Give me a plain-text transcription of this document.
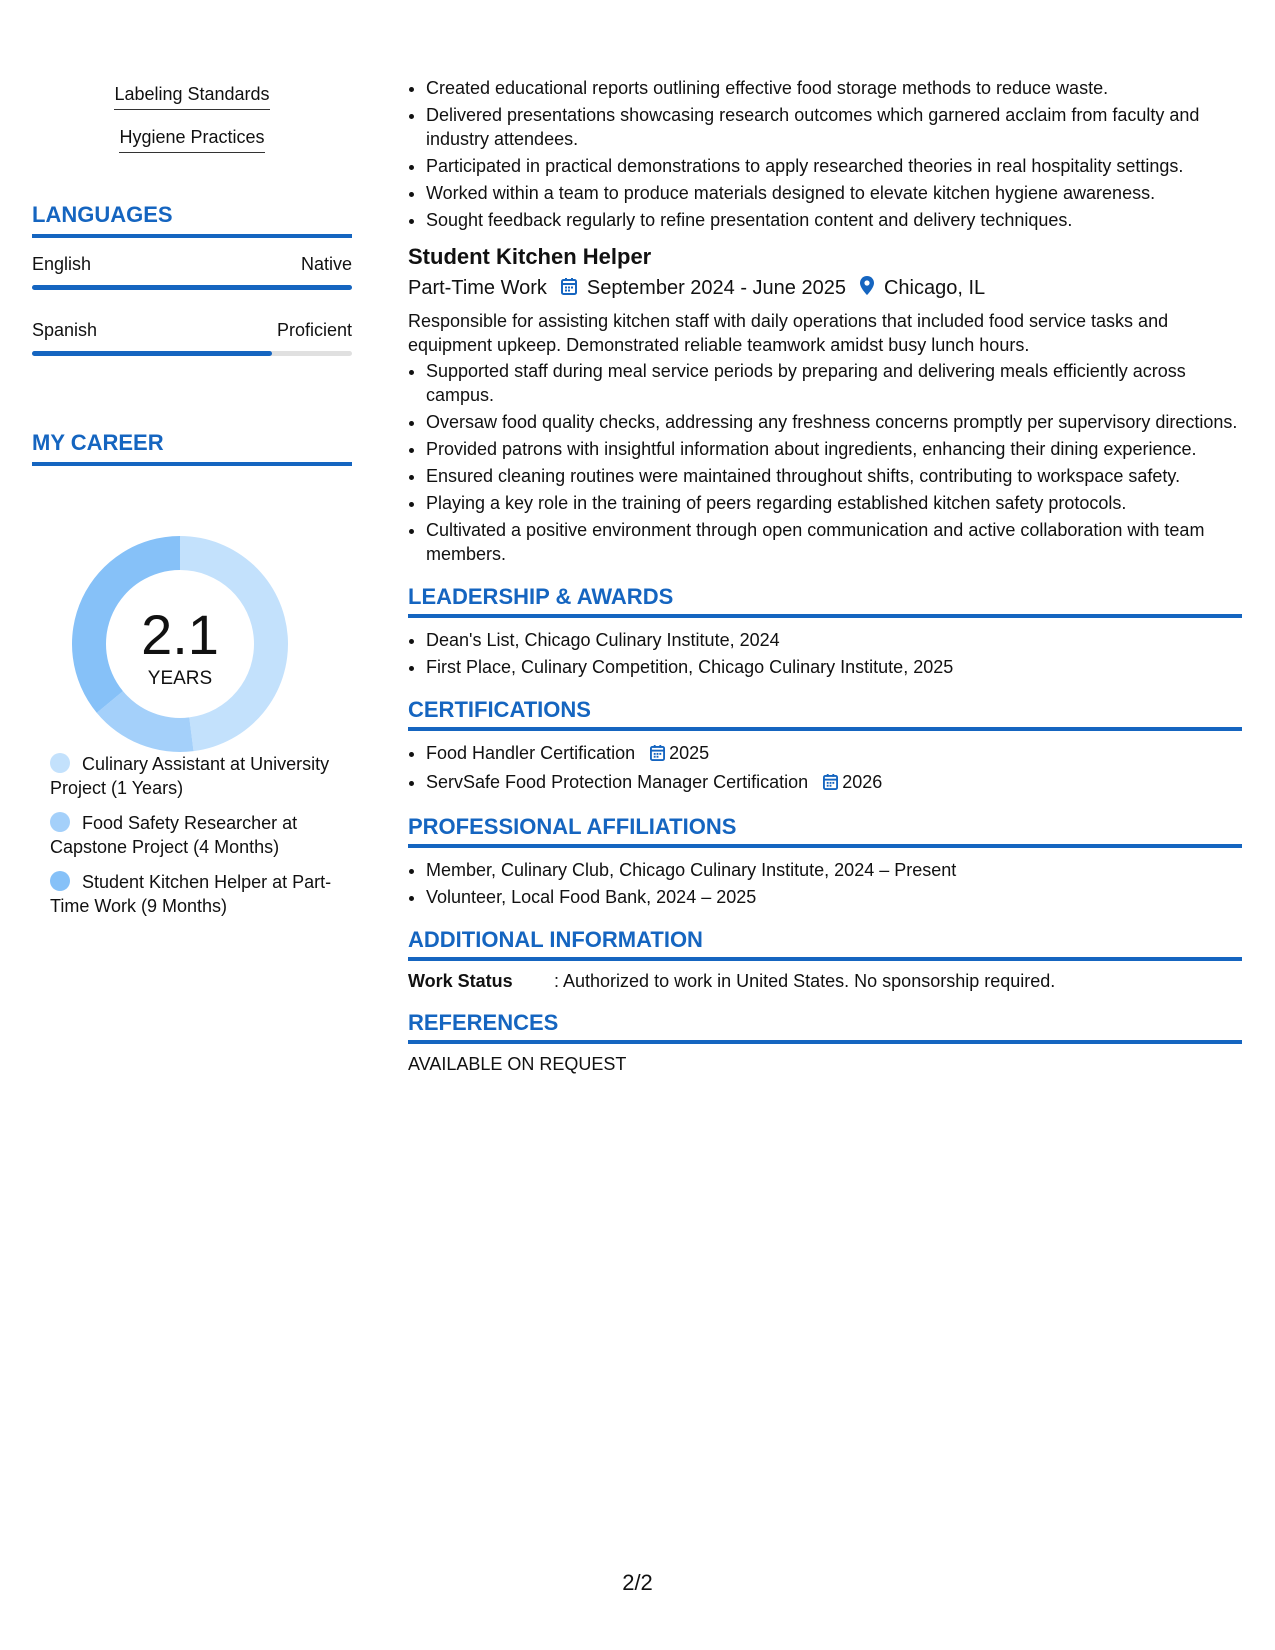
Labeling Standards
Hygiene Practices
LANGUAGES
English	Native
Spanish	Proficient
MY CAREER
2.1
YEARS
Culinary Assistant at University Project (1 Years)
Food Safety Researcher at Capstone Project (4 Months)
Student Kitchen Helper at Part-Time Work (9 Months)
• Created educational reports outlining effective food storage methods to reduce waste.
• Delivered presentations showcasing research outcomes which garnered acclaim from faculty and industry attendees.
• Participated in practical demonstrations to apply researched theories in real hospitality settings.
• Worked within a team to produce materials designed to elevate kitchen hygiene awareness.
• Sought feedback regularly to refine presentation content and delivery techniques.
Student Kitchen Helper
Part-Time Work September 2024 - June 2025 Chicago, IL
Responsible for assisting kitchen staff with daily operations that included food service tasks and equipment upkeep. Demonstrated reliable teamwork amidst busy lunch hours.
• Supported staff during meal service periods by preparing and delivering meals efficiently across campus.
• Oversaw food quality checks, addressing any freshness concerns promptly per supervisory directions.
• Provided patrons with insightful information about ingredients, enhancing their dining experience.
• Ensured cleaning routines were maintained throughout shifts, contributing to workspace safety.
• Playing a key role in the training of peers regarding established kitchen safety protocols.
• Cultivated a positive environment through open communication and active collaboration with team members.
LEADERSHIP & AWARDS
• Dean's List, Chicago Culinary Institute, 2024
• First Place, Culinary Competition, Chicago Culinary Institute, 2025
CERTIFICATIONS
• Food Handler Certification 2025
• ServSafe Food Protection Manager Certification 2026
PROFESSIONAL AFFILIATIONS
• Member, Culinary Club, Chicago Culinary Institute, 2024 – Present
• Volunteer, Local Food Bank, 2024 – 2025
ADDITIONAL INFORMATION
Work Status : Authorized to work in United States. No sponsorship required.
REFERENCES
AVAILABLE ON REQUEST
2/2
